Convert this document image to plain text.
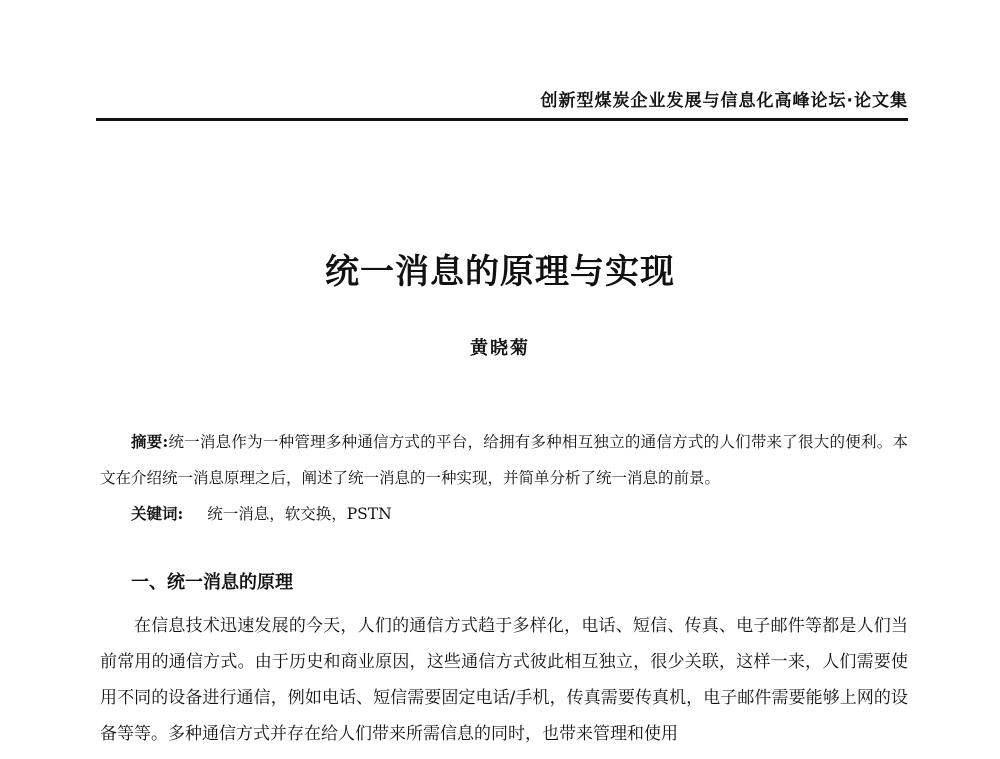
创新型煤炭企业发展与信息化高峰论坛·论文集
统一消息的原理与实现
黄晓菊

摘要:统一消息作为一种管理多种通信方式的平台，给拥有多种相互独立的通信方式的人们带来了很大的便利。本文在介绍统一消息原理之后，阐述了统一消息的一种实现，并简单分析了统一消息的前景。

关键词: 统一消息，软交换，PSTN

一、统一消息的原理

在信息技术迅速发展的今天，人们的通信方式趋于多样化，电话、短信、传真、电子邮件等都是人们当前常用的通信方式。由于历史和商业原因，这些通信方式彼此相互独立，很少关联，这样一来，人们需要使用不同的设备进行通信，例如电话、短信需要固定电话/手机，传真需要传真机，电子邮件需要能够上网的设备等等。多种通信方式并存在给人们带来所需信息的同时，也带来管理和使用
